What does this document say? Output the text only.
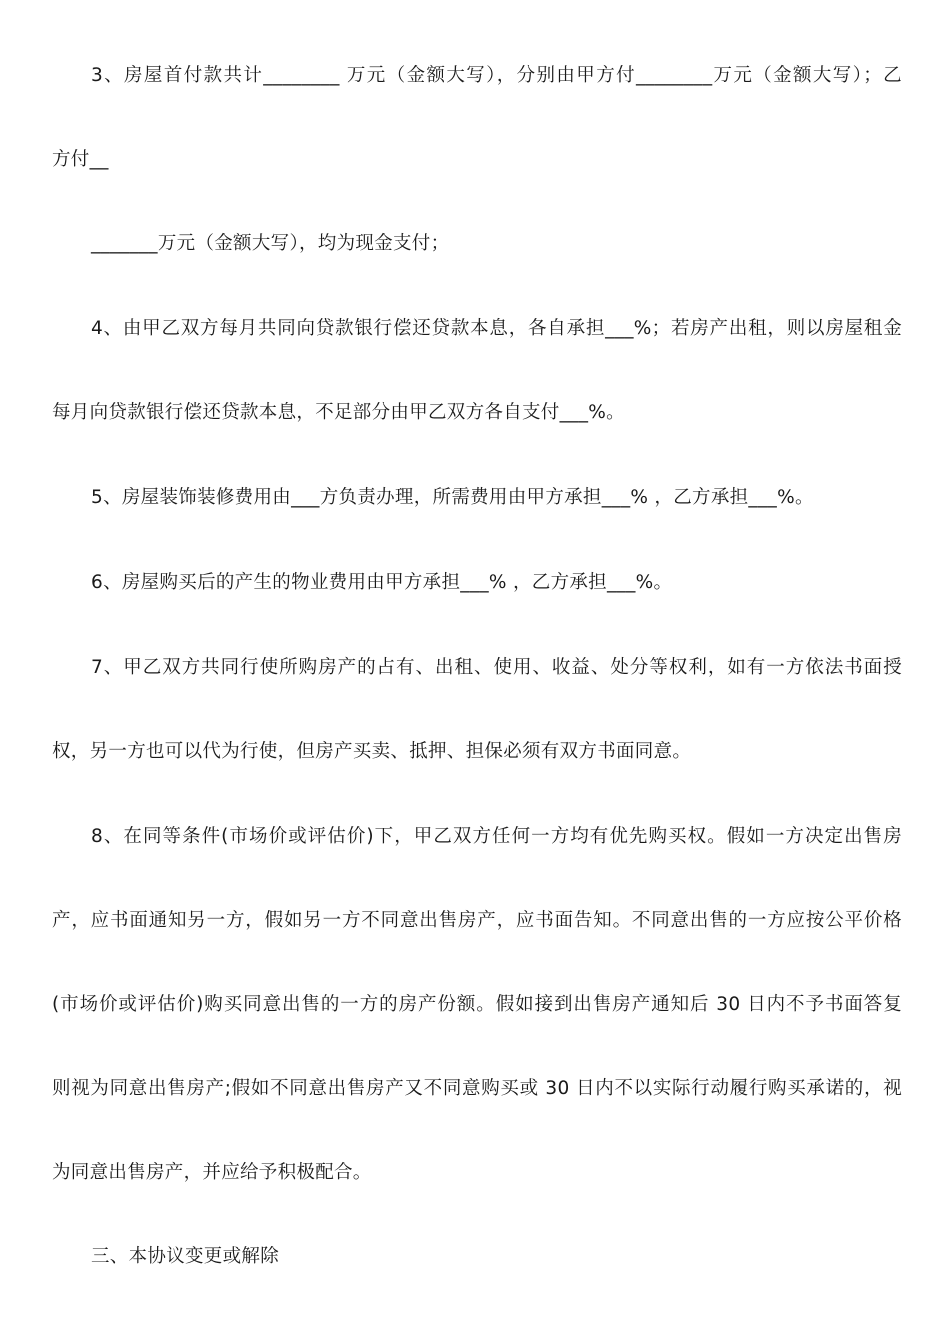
3、房屋首付款共计________ 万元（金额大写），分别由甲方付________万元（金额大写）；乙
方付__
_______万元（金额大写），均为现金支付；
4、由甲乙双方每月共同向贷款银行偿还贷款本息，各自承担___%；若房产出租，则以房屋租金
每月向贷款银行偿还贷款本息，不足部分由甲乙双方各自支付___%。
5、房屋装饰装修费用由___方负责办理，所需费用由甲方承担___% ，乙方承担___%。
6、房屋购买后的产生的物业费用由甲方承担___% ，乙方承担___%。
7、甲乙双方共同行使所购房产的占有、出租、使用、收益、处分等权利，如有一方依法书面授
权，另一方也可以代为行使，但房产买卖、抵押、担保必须有双方书面同意。
8、在同等条件(市场价或评估价)下，甲乙双方任何一方均有优先购买权。假如一方决定出售房
产，应书面通知另一方，假如另一方不同意出售房产，应书面告知。不同意出售的一方应按公平价格
(市场价或评估价)购买同意出售的一方的房产份额。假如接到出售房产通知后 30 日内不予书面答复
则视为同意出售房产;假如不同意出售房产又不同意购买或 30 日内不以实际行动履行购买承诺的，视
为同意出售房产，并应给予积极配合。
三、本协议变更或解除
